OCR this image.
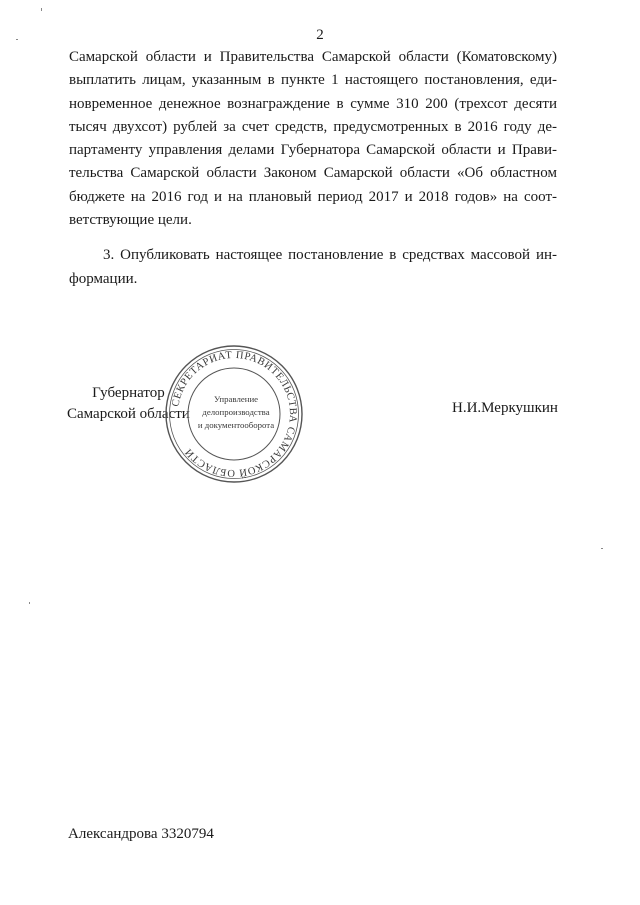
2

Самарской области и Правительства Самарской области (Коматовскому) выплатить лицам, указанным в пункте 1 настоящего постановления, еди- новременное денежное вознаграждение в сумме 310 200 (трехсот десяти тысяч двухсот) рублей за счет средств, предусмотренных в 2016 году де- партаменту управления делами Губернатора Самарской области и Прави- тельства Самарской области Законом Самарской области «Об областном бюджете на 2016 год и на плановый период 2017 и 2018 годов» на соот- ветствующие цели.

3. Опубликовать настоящее постановление в средствах массовой ин- формации.

Губернатор
Самарской области
СЕКРЕТАРИАТ ПРАВИТЕЛЬСТВА САМАРСКОЙ ОБЛАСТИ
Управление
делопроизводства
и документооборота
Н.И.Меркушкин
Александрова 3320794
